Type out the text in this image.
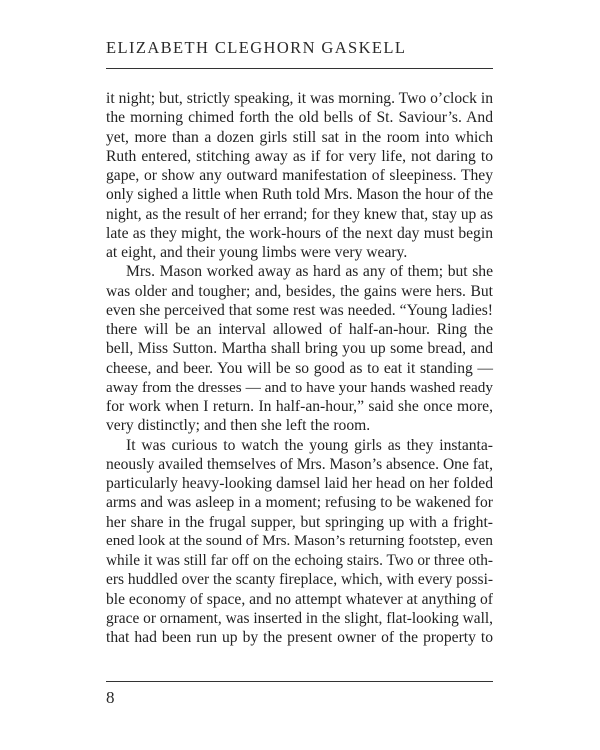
ELIZABETH CLEGHORN GASKELL
it night; but, strictly speaking, it was morning. Two o’clock in
the morning chimed forth the old bells of St. Saviour’s. And
yet, more than a dozen girls still sat in the room into which
Ruth entered, stitching away as if for very life, not daring to
gape, or show any outward manifestation of sleepiness. They
only sighed a little when Ruth told Mrs. Mason the hour of the
night, as the result of her errand; for they knew that, stay up as
late as they might, the work-hours of the next day must begin
at eight, and their young limbs were very weary.
Mrs. Mason worked away as hard as any of them; but she
was older and tougher; and, besides, the gains were hers. But
even she perceived that some rest was needed. “Young ladies!
there will be an interval allowed of half-an-hour. Ring the
bell, Miss Sutton. Martha shall bring you up some bread, and
cheese, and beer. You will be so good as to eat it standing —
away from the dresses — and to have your hands washed ready
for work when I return. In half-an-hour,” said she once more,
very distinctly; and then she left the room.
It was curious to watch the young girls as they instanta-
neously availed themselves of Mrs. Mason’s absence. One fat,
particularly heavy-looking damsel laid her head on her folded
arms and was asleep in a moment; refusing to be wakened for
her share in the frugal supper, but springing up with a fright-
ened look at the sound of Mrs. Mason’s returning footstep, even
while it was still far off on the echoing stairs. Two or three oth-
ers huddled over the scanty fireplace, which, with every possi-
ble economy of space, and no attempt whatever at anything of
grace or ornament, was inserted in the slight, flat-looking wall,
that had been run up by the present owner of the property to
8
